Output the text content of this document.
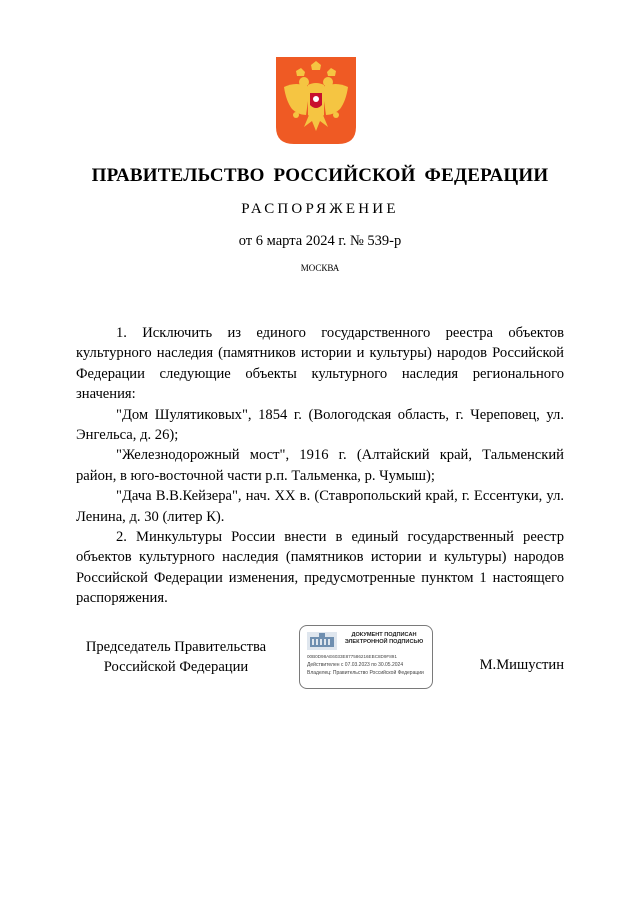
ПРАВИТЕЛЬСТВО РОССИЙСКОЙ ФЕДЕРАЦИИ
РАСПОРЯЖЕНИЕ
от 6 марта 2024 г. № 539-р
МОСКВА

1. Исключить из единого государственного реестра объектов культурного наследия (памятников истории и культуры) народов Российской Федерации следующие объекты культурного наследия регионального значения:

"Дом Шулятиковых", 1854 г. (Вологодская область, г. Череповец, ул. Энгельса, д. 26);

"Железнодорожный мост", 1916 г. (Алтайский край, Тальменский район, в юго-восточной части р.п. Тальменка, р. Чумыш);

"Дача В.В.Кейзера", нач. XX в. (Ставропольский край, г. Ессентуки, ул. Ленина, д. 30 (литер К).

2. Минкультуры России внести в единый государственный реестр объектов культурного наследия (памятников истории и культуры) народов Российской Федерации изменения, предусмотренные пунктом 1 настоящего распоряжения.

Председатель Правительства
Российской Федерации
ДОКУМЕНТ ПОДПИСАН
ЭЛЕКТРОННОЙ ПОДПИСЬЮ
00B0D98AE6033E877586216EBC8D9F891
Действителен с 07.03.2023 по 30.05.2024
Владелец: Правительство Российской Федерации	М.Мишустин
